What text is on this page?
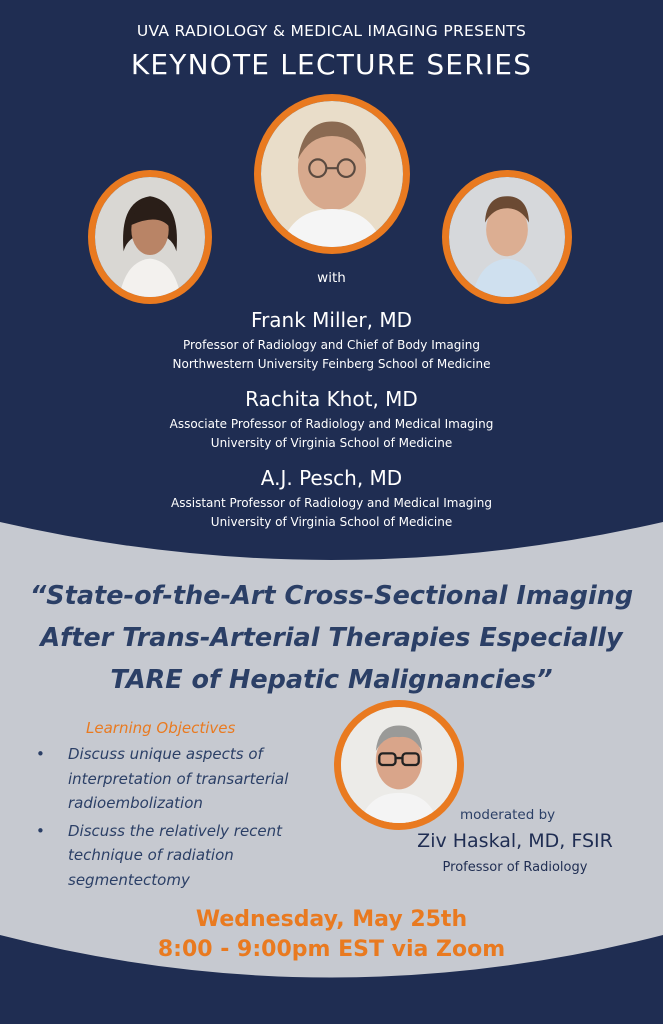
UVA RADIOLOGY & MEDICAL IMAGING PRESENTS
KEYNOTE LECTURE SERIES
with
Frank Miller, MD
Professor of Radiology and Chief of Body Imaging
Northwestern University Feinberg School of Medicine
Rachita Khot, MD
Associate Professor of Radiology and Medical Imaging
University of Virginia School of Medicine
A.J. Pesch, MD
Assistant Professor of Radiology and Medical Imaging
University of Virginia School of Medicine
“State-of-the-Art Cross-Sectional Imaging
After Trans-Arterial Therapies Especially
TARE of Hepatic Malignancies”
Learning Objectives
• Discuss unique aspects of interpretation of transarterial radioembolization
• Discuss the relatively recent technique of radiation segmentectomy
moderated by
Ziv Haskal, MD, FSIR
Professor of Radiology
Wednesday, May 25th
8:00 - 9:00pm EST via Zoom
